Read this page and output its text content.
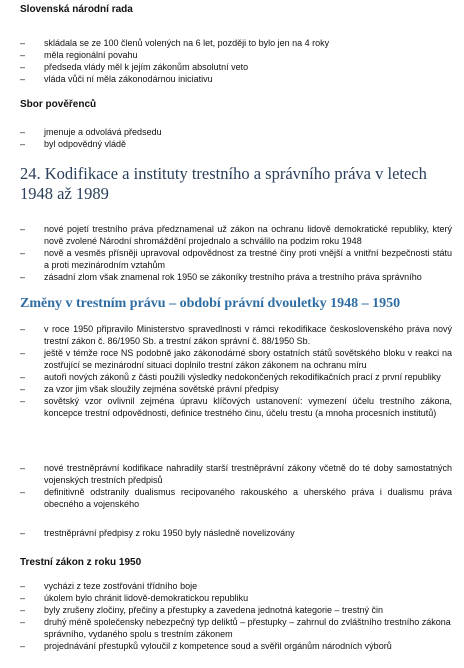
Slovenská národní rada

– skládala se ze 100 členů volených na 6 let, později to bylo jen na 4 roky
– měla regionální povahu
– předseda vlády měl k jejím zákonům absolutní veto
– vláda vůči ní měla zákonodárnou iniciativu

Sbor pověřenců

– jmenuje a odvolává předsedu
– byl odpovědný vládě

24. Kodifikace a instituty trestního a správního práva v letech 1948 až 1989

– nové pojetí trestního práva předznamenal už zákon na ochranu lidově demokratické republiky, který nově zvolené Národní shromáždění projednalo a schválilo na podzim roku 1948
– nově a vesměs přísněji upravoval odpovědnost za trestné činy proti vnější a vnitřní bezpečnosti státu a proti mezinárodním vztahům
– zásadní zlom však znamenal rok 1950 se zákoníky trestního práva a trestního práva správního

Změny v trestním právu – období právní dvouletky 1948 – 1950

– v roce 1950 připravilo Ministerstvo spravedlnosti v rámci rekodifikace československého práva nový trestní zákon č. 86/1950 Sb. a trestní zákon správní č. 88/1950 Sb.
– ještě v témže roce NS podobně jako zákonodárné sbory ostatních států sovětského bloku v reakci na zostřující se mezinárodní situaci doplnilo trestní zákon zákonem na ochranu míru
– autoři nových zákonů z části použili výsledky nedokončených rekodifikačních prací z první republiky
– za vzor jim však sloužily zejména sovětské právní předpisy
– sovětský vzor ovlivnil zejména úpravu klíčových ustanovení: vymezení účelu trestního zákona, koncepce trestní odpovědnosti, definice trestného činu, účelu trestu (a mnoha procesních institutů)
– nové trestněprávní kodifikace nahradily starší trestněprávní zákony včetně do té doby samostatných vojenských trestních předpisů
– definitivně odstranily dualismus recipovaného rakouského a uherského práva i dualismu práva obecného a vojenského
– trestněprávní předpisy z roku 1950 byly následně novelizovány

Trestní zákon z roku 1950

– vycházi z teze zostřování třídního boje
– úkolem bylo chránit lidově-demokratickou republiku
– byly zrušeny zločiny, přečiny a přestupky a zavedena jednotná kategorie – trestný čin
– druhý méně společensky nebezpečný typ deliktů – přestupky – zahrnul do zvláštního trestního zákona správního, vydaného spolu s trestním zákonem
– projednávání přestupků vyloučil z kompetence soud a svěřil orgánům národních výborů
